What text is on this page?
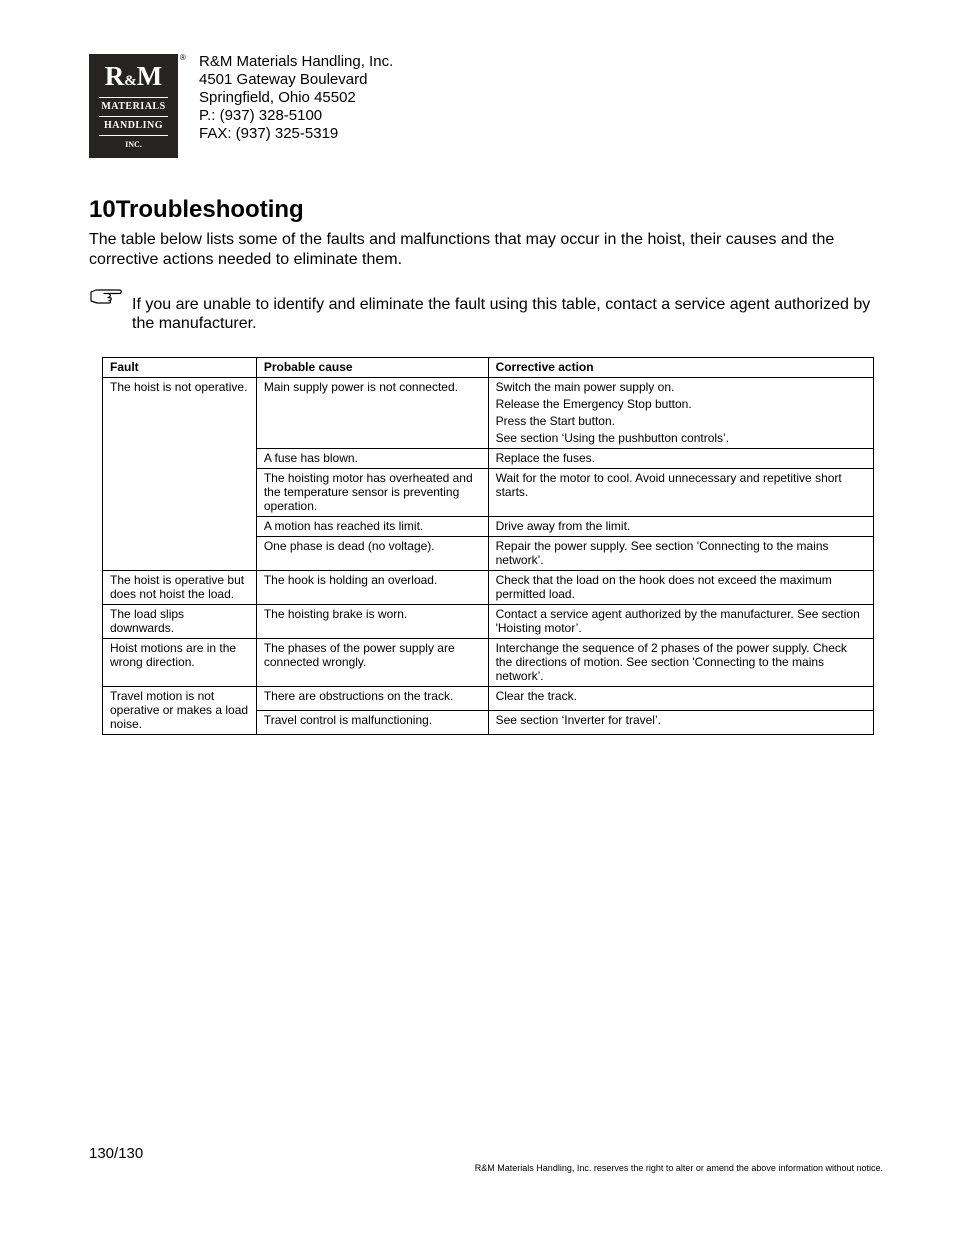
R&M
MATERIALS
HANDLING
INC.
® R&M Materials Handling, Inc.
4501 Gateway Boulevard
Springfield, Ohio 45502
P.: (937) 328-5100
FAX: (937) 325-5319
10Troubleshooting

The table below lists some of the faults and malfunctions that may occur in the hoist, their causes and the corrective actions needed to eliminate them.

If you are unable to identify and eliminate the fault using this table, contact a service agent authorized by the manufacturer.

Fault	Probable cause	Corrective action
The hoist is not operative.	Main supply power is not connected.	Switch the main power supply on.
Release the Emergency Stop button.
Press the Start button.
See section ‘Using the pushbutton controls’.

	A fuse has blown.	Replace the fuses.
	The hoisting motor has overheated and the temperature sensor is preventing operation.	Wait for the motor to cool. Avoid unnecessary and repetitive short starts.
	A motion has reached its limit.	Drive away from the limit.
	One phase is dead (no voltage).	Repair the power supply. See section 'Connecting to the mains network’.
The hoist is operative but does not hoist the load.	The hook is holding an overload.	Check that the load on the hook does not exceed the maximum permitted load.
The load slips downwards.	The hoisting brake is worn.	Contact a service agent authorized by the manufacturer. See section 'Hoisting motor’.
Hoist motions are in the wrong direction.	The phases of the power supply are connected wrongly.	Interchange the sequence of 2 phases of the power supply. Check the directions of motion. See section 'Connecting to the mains network’.
Travel motion is not operative or makes a load noise.	There are obstructions on the track.	Clear the track.
	Travel control is malfunctioning.	See section ‘Inverter for travel’.
130/130
R&M Materials Handling, Inc. reserves the right to alter or amend the above information without notice.
